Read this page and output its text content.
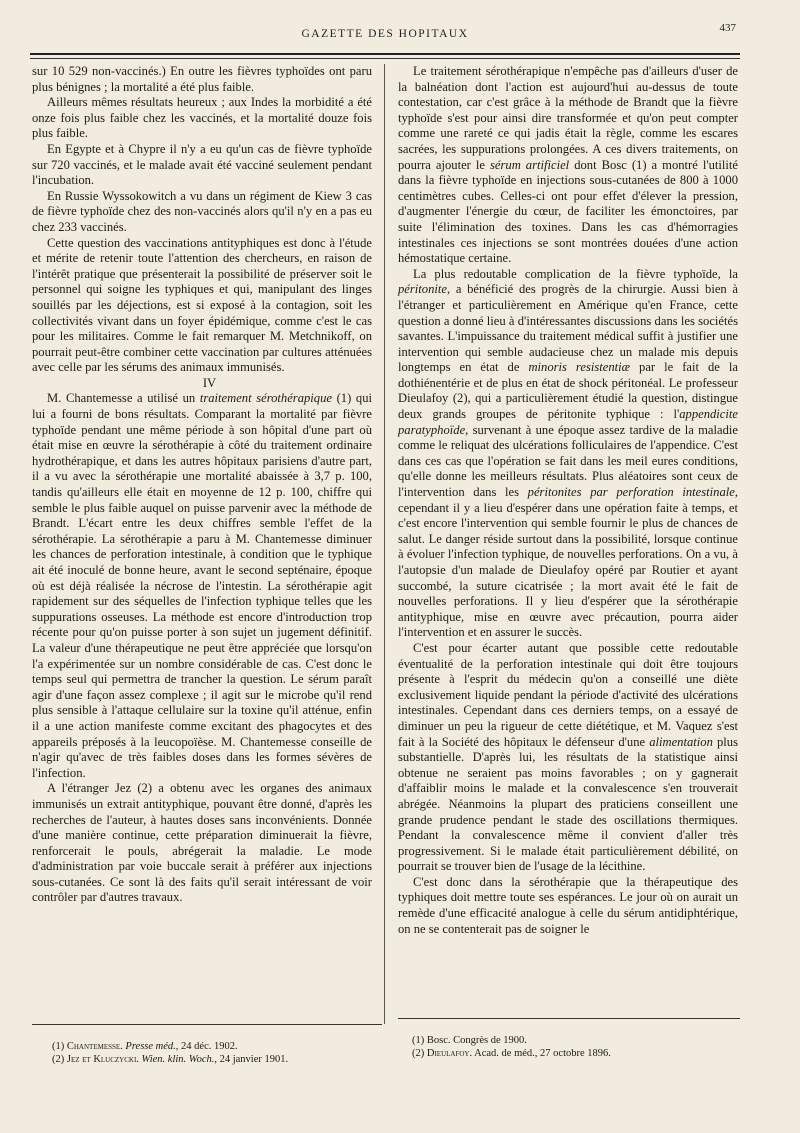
GAZETTE DES HOPITAUX	437

sur 10 529 non-vaccinés.) En outre les fièvres typhoïdes ont paru plus bénignes ; la mortalité a été plus faible.

Ailleurs mêmes résultats heureux ; aux Indes la morbidité a été onze fois plus faible chez les vaccinés, et la mortalité douze fois plus faible.

En Egypte et à Chypre il n'y a eu qu'un cas de fièvre typhoïde sur 720 vaccinés, et le malade avait été vacciné seulement pendant l'incubation.

En Russie Wyssokowitch a vu dans un régiment de Kiew 3 cas de fièvre typhoïde chez des non-vaccinés alors qu'il n'y en a pas eu chez 233 vaccinés.

Cette question des vaccinations antityphiques est donc à l'étude et mérite de retenir toute l'attention des chercheurs, en raison de l'intérêt pratique que présenterait la possibilité de préserver soit le personnel qui soigne les typhiques et qui, manipulant des linges souillés par les déjections, est si exposé à la contagion, soit les collectivités vivant dans un foyer épidémique, comme c'est le cas pour les militaires. Comme le fait remarquer M. Metchnikoff, on pourrait peut-être combiner cette vaccination par cultures atténuées avec celle par les sérums des animaux immunisés.

IV

M. Chantemesse a utilisé un traitement sérothérapique (1) qui lui a fourni de bons résultats. Comparant la mortalité par fièvre typhoïde pendant une même période à son hôpital d'une part où était mise en œuvre la sérothérapie à côté du traitement ordinaire hydrothérapique, et dans les autres hôpitaux parisiens d'autre part, il a vu avec la sérothérapie une mortalité abaissée à 3,7 p. 100, tandis qu'ailleurs elle était en moyenne de 12 p. 100, chiffre qui semble le plus faible auquel on puisse parvenir avec la méthode de Brandt. L'écart entre les deux chiffres semble l'effet de la sérothérapie. La sérothérapie a paru à M. Chantemesse diminuer les chances de perforation intestinale, à condition que le typhique ait été inoculé de bonne heure, avant le second septénaire, époque où est déjà réalisée la nécrose de l'intestin. La sérothérapie agit rapidement sur des séquelles de l'infection typhique telles que les suppurations osseuses. La méthode est encore d'introduction trop récente pour qu'on puisse porter à son sujet un jugement définitif. La valeur d'une thérapeutique ne peut être appréciée que lorsqu'on l'a expérimentée sur un nombre considérable de cas. C'est donc le temps seul qui permettra de trancher la question. Le sérum paraît agir d'une façon assez complexe ; il agit sur le microbe qu'il rend plus sensible à l'attaque cellulaire sur la toxine qu'il atténue, enfin il a une action manifeste comme excitant des phagocytes et des appareils préposés à la leucopoïèse. M. Chantemesse conseille de n'agir qu'avec de très faibles doses dans les formes sévères de l'infection.

A l'étranger Jez (2) a obtenu avec les organes des animaux immunisés un extrait antityphique, pouvant être donné, d'après les recherches de l'auteur, à hautes doses sans inconvénients. Donnée d'une manière continue, cette préparation diminuerait la fièvre, renforcerait le pouls, abrégerait la maladie. Le mode d'administration par voie buccale serait à préférer aux injections sous-cutanées. Ce sont là des faits qu'il serait intéressant de voir contrôler par d'autres travaux.

Le traitement sérothérapique n'empêche pas d'ailleurs d'user de la balnéation dont l'action est aujourd'hui au-dessus de toute contestation, car c'est grâce à la méthode de Brandt que la fièvre typhoïde s'est pour ainsi dire transformée et qu'on peut compter comme une rareté ce qui jadis était la règle, comme les escares sacrées, les suppurations prolongées. A ces divers traitements, on pourra ajouter le sérum artificiel dont Bosc (1) a montré l'utilité dans la fièvre typhoïde en injections sous-cutanées de 800 à 1000 centimètres cubes. Celles-ci ont pour effet d'élever la pression, d'augmenter l'énergie du cœur, de faciliter les émonctoires, par suite l'élimination des toxines. Dans les cas d'hémorragies intestinales ces injections se sont montrées douées d'une action hémostatique certaine.

La plus redoutable complication de la fièvre typhoïde, la péritonite, a bénéficié des progrès de la chirurgie. Aussi bien à l'étranger et particulièrement en Amérique qu'en France, cette question a donné lieu à d'intéressantes discussions dans les sociétés savantes. L'impuissance du traitement médical suffit à justifier une intervention qui semble audacieuse chez un malade mis depuis longtemps en état de minoris resistentiæ par le fait de la dothiénentérie et de plus en état de shock péritonéal. Le professeur Dieulafoy (2), qui a particulièrement étudié la question, distingue deux grands groupes de péritonite typhique : l'appendicite paratyphoïde, survenant à une époque assez tardive de la maladie comme le reliquat des ulcérations folliculaires de l'appendice. C'est dans ces cas que l'opération se fait dans les meil eures conditions, qu'elle donne les meilleurs résultats. Plus aléatoires sont ceux de l'intervention dans les péritonites par perforation intestinale, cependant il y a lieu d'espérer dans une opération faite à temps, et c'est encore l'intervention qui semble fournir le plus de chances de salut. Le danger réside surtout dans la possibilité, lorsque continue à évoluer l'infection typhique, de nouvelles perforations. On a vu, à l'autopsie d'un malade de Dieulafoy opéré par Routier et ayant succombé, la suture cicatrisée ; la mort avait été le fait de nouvelles perforations. Il y lieu d'espérer que la sérothérapie antityphique, mise en œuvre avec précaution, pourra aider l'intervention et en assurer le succès.

C'est pour écarter autant que possible cette redoutable éventualité de la perforation intestinale qui doit être toujours présente à l'esprit du médecin qu'on a conseillé une diète exclusivement liquide pendant la période d'activité des ulcérations intestinales. Cependant dans ces derniers temps, on a essayé de diminuer un peu la rigueur de cette diététique, et M. Vaquez s'est fait à la Société des hôpitaux le défenseur d'une alimentation plus substantielle. D'après lui, les résultats de la statistique ainsi obtenue ne seraient pas moins favorables ; on y gagnerait d'affaiblir moins le malade et la convalescence s'en trouverait abrégée. Néanmoins la plupart des praticiens conseillent une grande prudence pendant le stade des oscillations thermiques. Pendant la convalescence même il convient d'aller très progressivement. Si le malade était particulièrement débilité, on pourrait se trouver bien de l'usage de la lécithine.

C'est donc dans la sérothérapie que la thérapeutique des typhiques doit mettre toute ses espérances. Le jour où on aurait un remède d'une efficacité analogue à celle du sérum antidiphtérique, on ne se contenterait pas de soigner le

(1) Chantemesse. Presse méd., 24 déc. 1902.
(2) Jez et Kluczycki. Wien. klin. Woch., 24 janvier 1901.
(1) Bosc. Congrès de 1900.
(2) Dieulafoy. Acad. de méd., 27 octobre 1896.
